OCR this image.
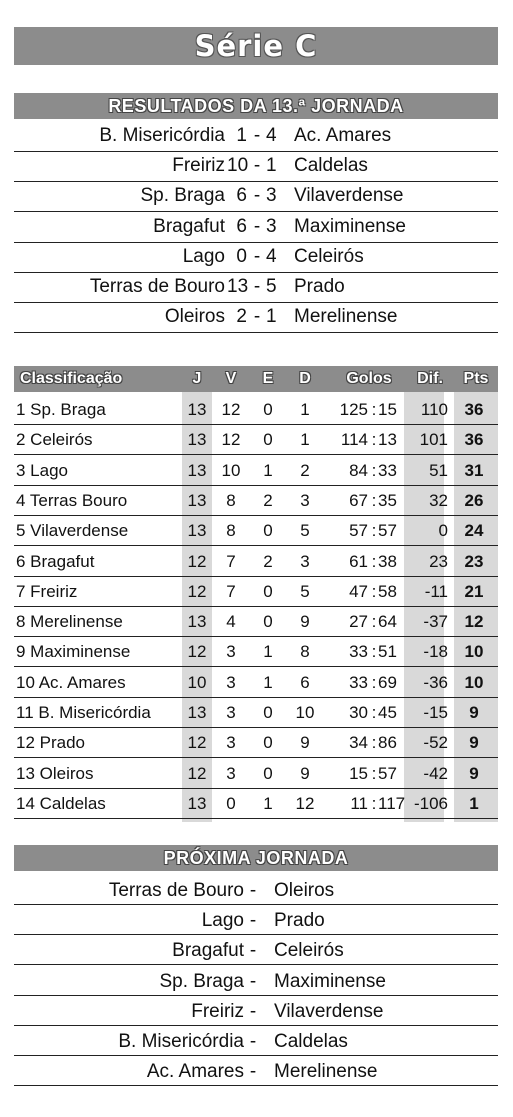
Série C
RESULTADOS DA 13.ª JORNADA
B. Misericórdia 1 - 4 Ac. Amares
Freiriz 10 - 1 Caldelas
Sp. Braga 6 - 3 Vilaverdense
Bragafut 6 - 3 Maximinense
Lago 0 - 4 Celeirós
Terras de Bouro 13 - 5 Prado
Oleiros 2 - 1 Merelinense
Classificação	J	V	E	D	Golos	Dif.	Pts
1 Sp. Braga	13 12	0	1	125 : 15	110 36
2 Celeirós	13 12	0	1	114 : 13	101 36
3 Lago	13 10	1	2	84 : 33	51 31
4 Terras Bouro	13	8	2	3	67 : 35	32 26
5 Vilaverdense	13	8	0	5	57 : 57	0 24
6 Bragafut	12	7	2	3	61 : 38	23 23
7 Freiriz	12	7	0	5	47 : 58	-11 21
8 Merelinense	13	4	0	9	27 : 64	-37 12
9 Maximinense	12	3	1	8	33 : 51	-18 10
10 Ac. Amares	10	3	1	6	33 : 69	-36 10
11 B. Misericórdia	13	3	0	10	30 : 45	-15	9
12 Prado	12	3	0	9	34 : 86	-52	9
13 Oleiros	12	3	0	9	15 : 57	-42	9
14 Caldelas	13	0	1	12	11 : 117 -106	1
PRÓXIMA JORNADA
Terras de Bouro - Oleiros
Lago - Prado
Bragafut - Celeirós
Sp. Braga - Maximinense
Freiriz - Vilaverdense
B. Misericórdia - Caldelas
Ac. Amares - Merelinense
